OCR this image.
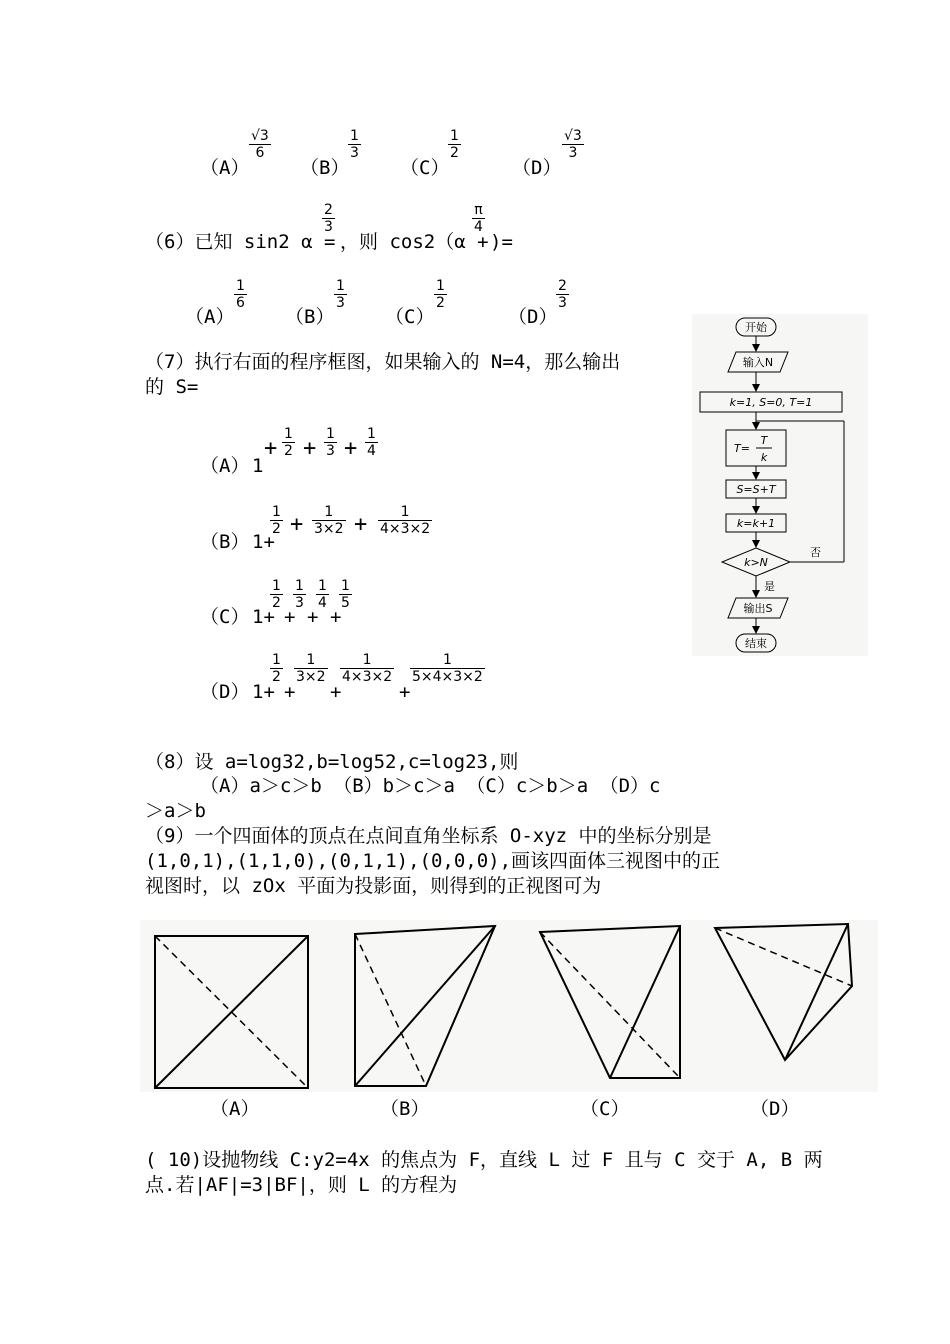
（A）
√3
6
（B）
1
3
（C）
1
2
（D）
√3
3
（6）已知 sin2 α =
2
3
，则 cos2（α +
π
4
)=
（A）
1
6
（B）
1
3
（C）
1
2
（D）
2
3
（7）执行右面的程序框图，如果输入的 N=4，那么输出
的 S=
（A） 1
+
1
2 +
1
3 +
1
4
（B） 1+
1
2 +	1
3×2 +	1
4×3×2
（C） 1+
1
2
+
1
3
+
1
4
+
1
5
（D） 1+
1
2
+
1
3×2
+
1
4×3×2
+
1
5×4×3×2
开始
输入N
k=1, S=0, T=1
T=
T
k
S=S+T
k=k+1
k>N
否
是
输出S
结束
（8）设 a=log32,b=log52,c=log23,则
（A）a＞c＞b （B）b＞c＞a （C）c＞b＞a （D）c
＞a＞b
（9）一个四面体的顶点在点间直角坐标系 O-xyz 中的坐标分别是
(1,0,1),(1,1,0),(0,1,1),(0,0,0),画该四面体三视图中的正
视图时，以 zOx 平面为投影面，则得到的正视图可为
（A）	（B）	（C）	（D）
( 10)设抛物线 C:y2=4x 的焦点为 F，直线 L 过 F 且与 C 交于 A, B 两
点.若|AF|=3|BF|，则 L 的方程为
